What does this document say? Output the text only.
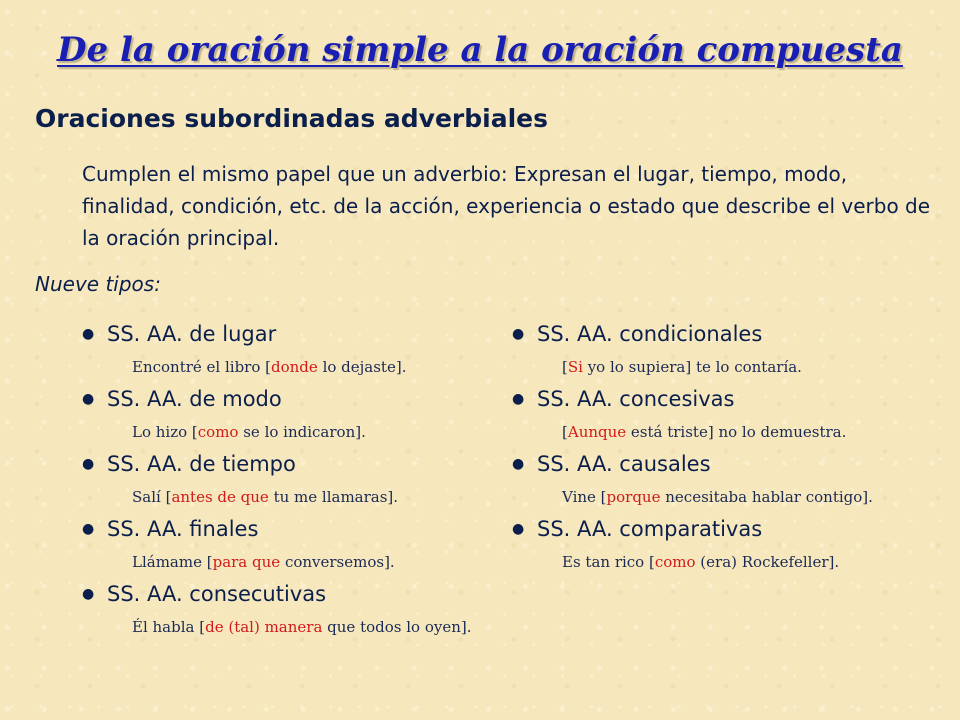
De la oración simple a la oración compuesta
Oraciones subordinadas adverbiales
Cumplen el mismo papel que un adverbio: Expresan el lugar, tiempo, modo, finalidad, condición, etc. de la acción, experiencia o estado que describe el verbo de la oración principal.
Nueve tipos:
● SS. AA. de lugar
Encontré el libro [donde lo dejaste].
● SS. AA. de modo
Lo hizo [como se lo indicaron].
● SS. AA. de tiempo
Salí [antes de que tu me llamaras].
● SS. AA. finales
Llámame [para que conversemos].
● SS. AA. consecutivas
Él habla [de (tal) manera que todos lo oyen].
● SS. AA. condicionales
[Si yo lo supiera] te lo contaría.
● SS. AA. concesivas
[Aunque está triste] no lo demuestra.
● SS. AA. causales
Vine [porque necesitaba hablar contigo].
● SS. AA. comparativas
Es tan rico [como (era) Rockefeller].
